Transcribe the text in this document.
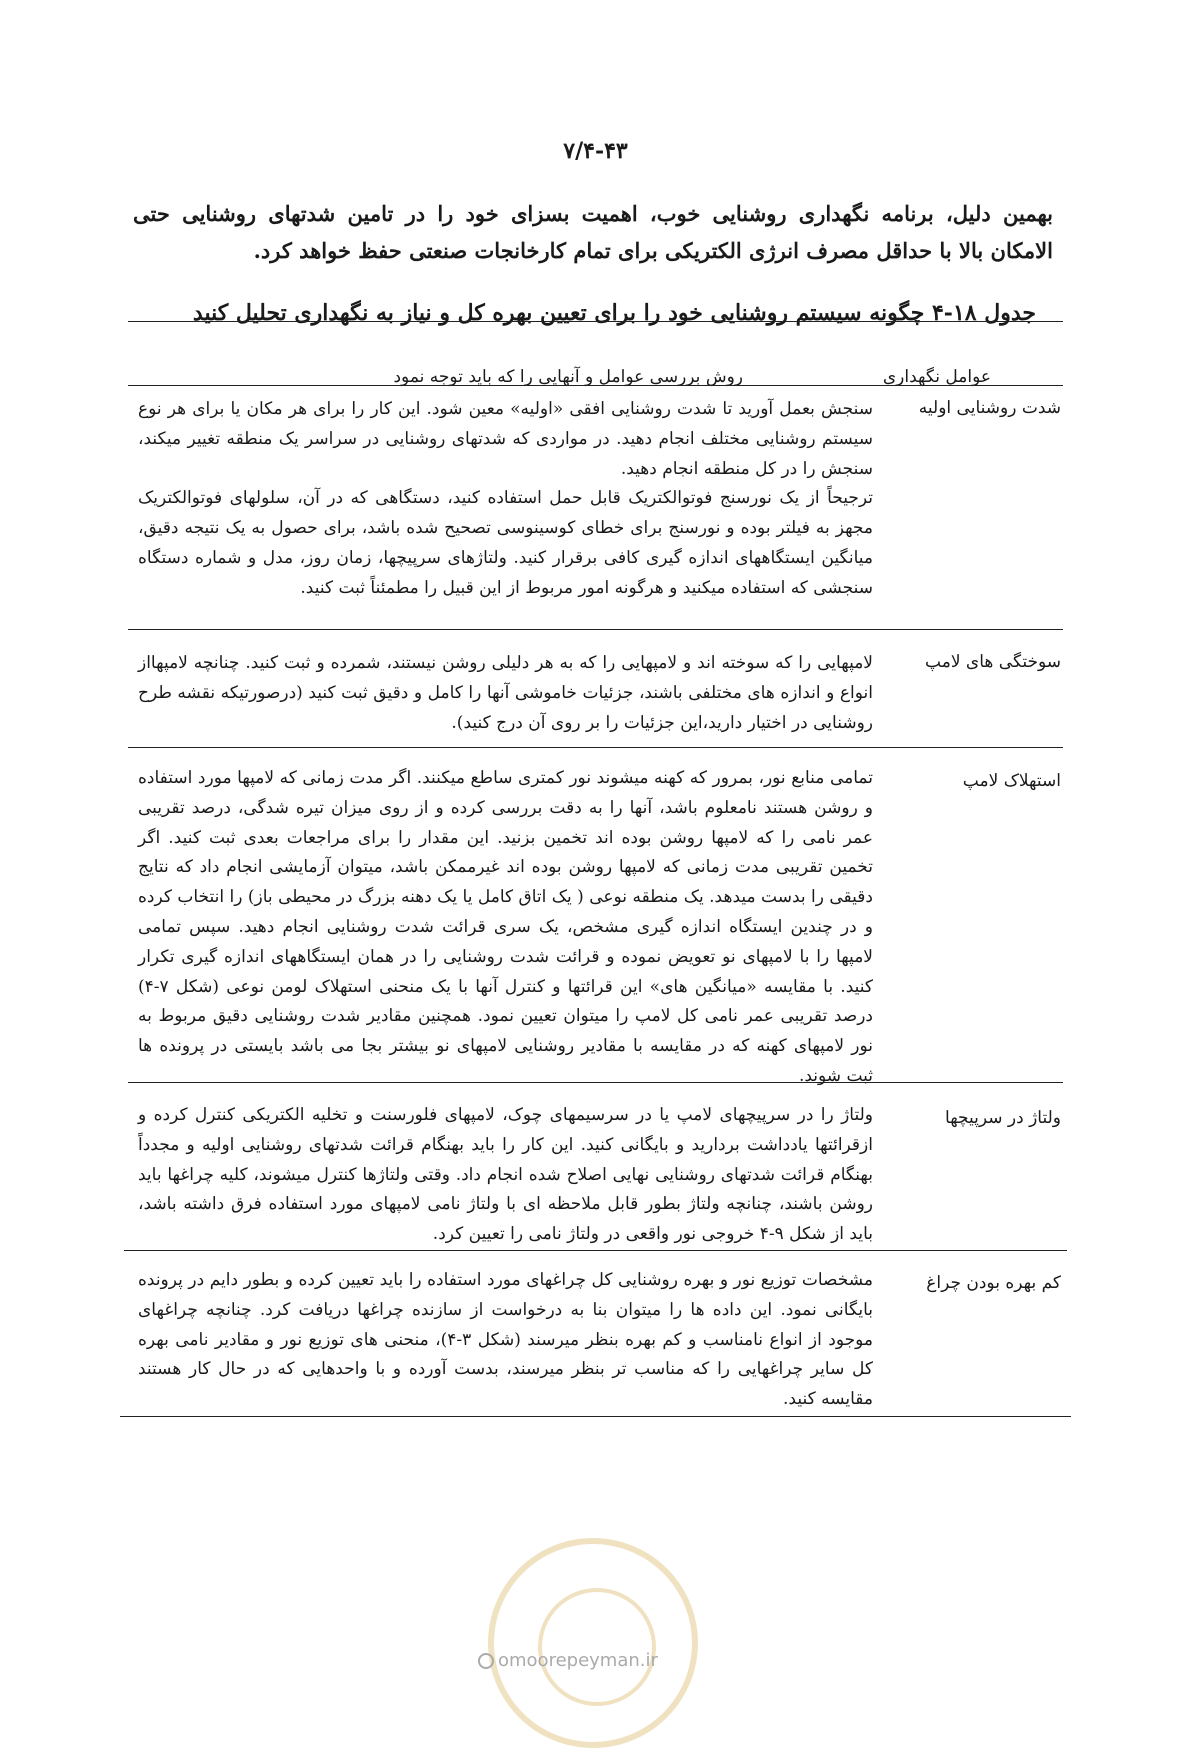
۷/۴-۴۳
بهمین دلیل، برنامه نگهداری روشنایی خوب، اهمیت بسزای خود را در تامین شدتهای روشنایی حتی الامکان بالا با حداقل مصرف انرژی الکتریکی برای تمام کارخانجات صنعتی حفظ خواهد کرد.
جدول ۱۸-۴ چگونه سیستم روشنایی خود را برای تعیین بهره کل و نیاز به نگهداری تحلیل کنید
عوامل نگهداری
روش بررسی عوامل و آنهایی را که باید توجه نمود
شدت روشنایی اولیه

سنجش بعمل آورید تا شدت روشنایی افقی «اولیه» معین شود. این کار را برای هر مکان یا برای هر نوع سیستم روشنایی مختلف انجام دهید. در مواردی که شدتهای روشنایی در سراسر یک منطقه تغییر میکند، سنجش را در کل منطقه انجام دهید.

ترجیحاً از یک نورسنج فوتوالکتریک قابل حمل استفاده کنید، دستگاهی که در آن، سلولهای فوتوالکتریک مجهز به فیلتر بوده و نورسنج برای خطای کوسینوسی تصحیح شده باشد، برای حصول به یک نتیجه دقیق، میانگین ایستگاههای اندازه گیری کافی برقرار کنید. ولتاژهای سرپیچها، زمان روز، مدل و شماره دستگاه سنجشی که استفاده میکنید و هرگونه امور مربوط از این قبیل را مطمئناً ثبت کنید.

سوختگی های لامپ

لامپهایی را که سوخته اند و لامپهایی را که به هر دلیلی روشن نیستند، شمرده و ثبت کنید. چنانچه لامپهااز انواع و اندازه های مختلفی باشند، جزئیات خاموشی آنها را کامل و دقیق ثبت کنید (درصورتیکه نقشه طرح روشنایی در اختیار دارید،این جزئیات را بر روی آن درج کنید).

استهلاک لامپ

تمامی منابع نور، بمرور که کهنه میشوند نور کمتری ساطع میکنند. اگر مدت زمانی که لامپها مورد استفاده و روشن هستند نامعلوم باشد، آنها را به دقت بررسی کرده و از روی میزان تیره شدگی، درصد تقریبی عمر نامی را که لامپها روشن بوده اند تخمین بزنید. این مقدار را برای مراجعات بعدی ثبت کنید. اگر تخمین تقریبی مدت زمانی که لامپها روشن بوده اند غیرممکن باشد، میتوان آزمایشی انجام داد که نتایج دقیقی را بدست میدهد. یک منطقه نوعی ( یک اتاق کامل یا یک دهنه بزرگ در محیطی باز) را انتخاب کرده و در چندین ایستگاه اندازه گیری مشخص، یک سری قرائت شدت روشنایی انجام دهید. سپس تمامی لامپها را با لامپهای نو تعویض نموده و قرائت شدت روشنایی را در همان ایستگاههای اندازه گیری تکرار کنید. با مقایسه «میانگین های» این قرائتها و کنترل آنها با یک منحنی استهلاک لومن نوعی (شکل ۷-۴) درصد تقریبی عمر نامی کل لامپ را میتوان تعیین نمود. همچنین مقادیر شدت روشنایی دقیق مربوط به نور لامپهای کهنه که در مقایسه با مقادیر روشنایی لامپهای نو بیشتر بجا می باشد بایستی در پرونده ها ثبت شوند.

ولتاژ در سرپیچها

ولتاژ را در سرپیچهای لامپ یا در سرسیمهای چوک، لامپهای فلورسنت و تخلیه الکتریکی کنترل کرده و ازقرائتها یادداشت بردارید و بایگانی کنید. این کار را باید بهنگام قرائت شدتهای روشنایی اولیه و مجدداً بهنگام قرائت شدتهای روشنایی نهایی اصلاح شده انجام داد. وقتی ولتاژها کنترل میشوند، کلیه چراغها باید روشن باشند، چنانچه ولتاژ بطور قابل ملاحظه ای با ولتاژ نامی لامپهای مورد استفاده فرق داشته باشد، باید از شکل ۹-۴ خروجی نور واقعی در ولتاژ نامی را تعیین کرد.

کم بهره بودن چراغ

مشخصات توزیع نور و بهره روشنایی کل چراغهای مورد استفاده را باید تعیین کرده و بطور دایم در پرونده بایگانی نمود. این داده ها را میتوان بنا به درخواست از سازنده چراغها دریافت کرد. چنانچه چراغهای موجود از انواع نامناسب و کم بهره بنظر میرسند (شکل ۳-۴)، منحنی های توزیع نور و مقادیر نامی بهره کل سایر چراغهایی را که مناسب تر بنظر میرسند، بدست آورده و با واحدهایی که در حال کار هستند مقایسه کنید.

omoorepeyman.ir
